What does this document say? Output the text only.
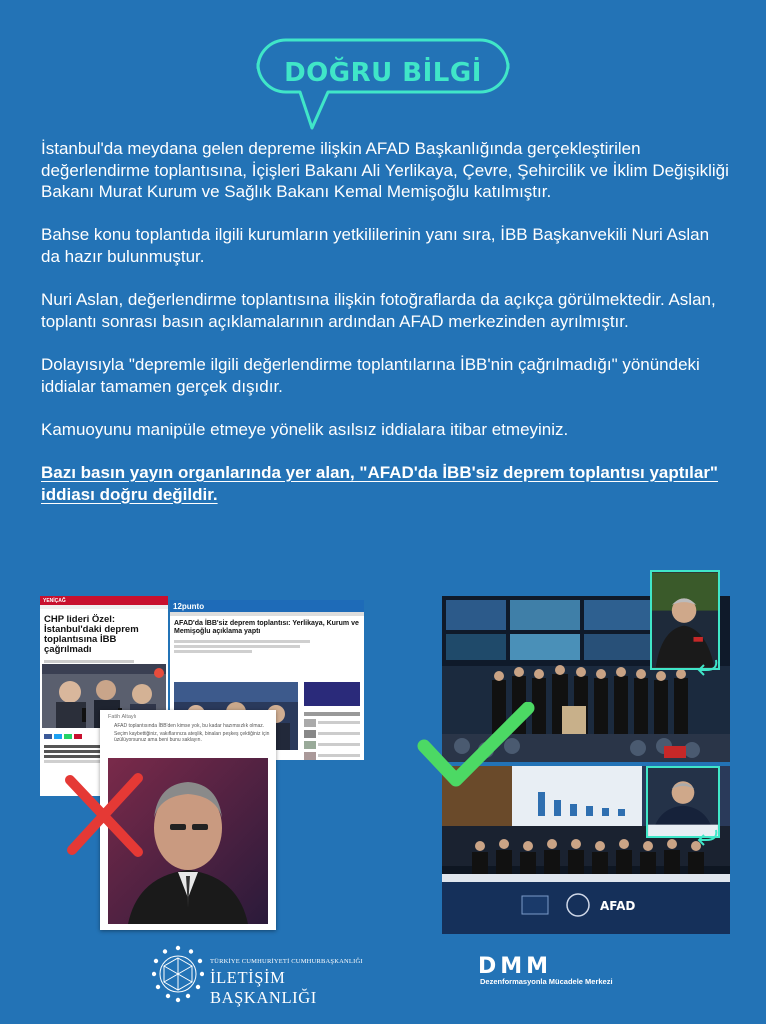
DOĞRU BİLGİ

İstanbul'da meydana gelen depreme ilişkin AFAD Başkanlığında gerçekleştirilen değerlendirme toplantısına, İçişleri Bakanı Ali Yerlikaya, Çevre, Şehircilik ve İklim Değişikliği Bakanı Murat Kurum ve Sağlık Bakanı Kemal Memişoğlu katılmıştır.

Bahse konu toplantıda ilgili kurumların yetkililerinin yanı sıra, İBB Başkanvekili Nuri Aslan da hazır bulunmuştur.

Nuri Aslan, değerlendirme toplantısına ilişkin fotoğraflarda da açıkça görülmektedir. Aslan, toplantı sonrası basın açıklamalarının ardından AFAD merkezinden ayrılmıştır.

Dolayısıyla "depremle ilgili değerlendirme toplantılarına İBB'nin çağrılmadığı" yönündeki iddialar tamamen gerçek dışıdır.

Kamuoyunu manipüle etmeye yönelik asılsız iddialara itibar etmeyiniz.

Bazı basın yayın organlarında yer alan, "AFAD'da İBB'siz deprem toplantısı yaptılar" iddiası doğru değildir.

YENİÇAĞ
CHP lideri Özel: İstanbul'daki deprem toplantısına İBB çağrılmadı
12punto
AFAD'da İBB'siz deprem toplantısı: Yerlikaya, Kurum ve Memişoğlu açıklama yaptı
Fatih Altaylı
AFAD toplantısında İBB'den kimse yok, bu kadar hazımsızlık olmaz.
Seçim kaybettiğiniz, vakıflarınıza ateşlik, binaları peşkeş çektiğiniz için üzülüyorsunuz ama beni bunu saklayın.
AFAD
TÜRKİYE CUMHURİYETİ CUMHURBAŞKANLIĞI
İLETİŞİM BAŞKANLIĞI
DMM
Dezenformasyonla Mücadele Merkezi
